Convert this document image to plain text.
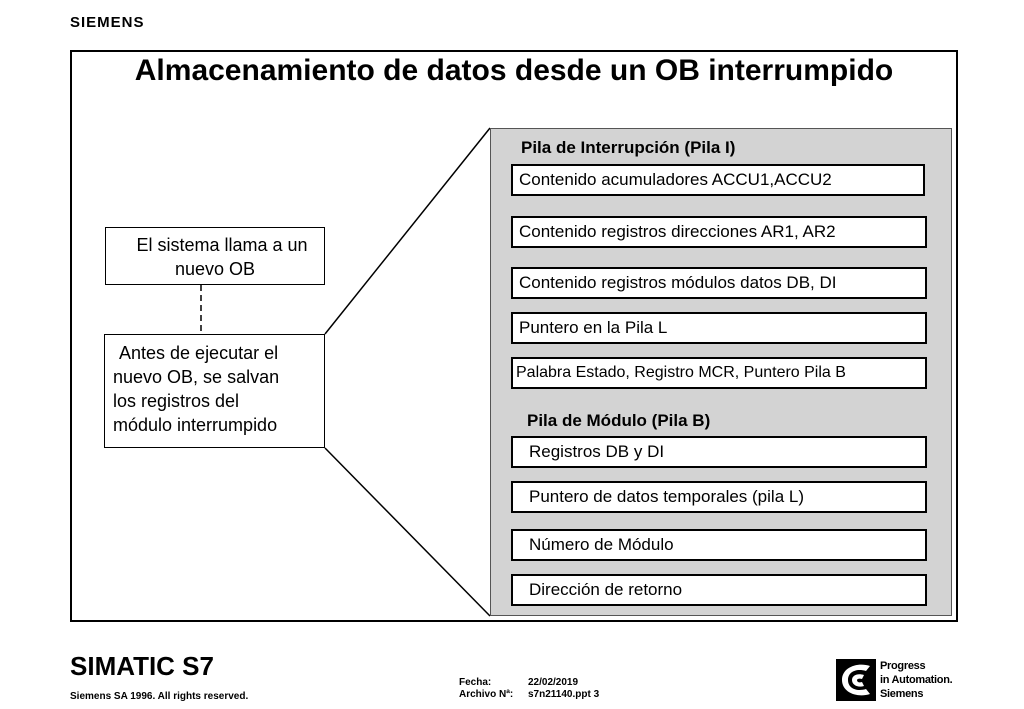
SIEMENS
Almacenamiento de datos desde un OB interrumpido
El sistema llama a un
nuevo OB
Antes de ejecutar el
nuevo OB, se salvan
los registros del
módulo interrumpido
Pila de Interrupción (Pila I)
Contenido acumuladores ACCU1,ACCU2
Contenido registros direcciones AR1, AR2
Contenido registros módulos datos DB, DI
Puntero en la Pila L
Palabra Estado, Registro MCR, Puntero Pila B
Pila de Módulo (Pila B)
Registros DB y DI
Puntero de datos temporales (pila L)
Número de Módulo
Dirección de retorno
SIMATIC S7
Siemens SA 1996. All rights reserved.
Fecha:	22/02/2019
Archivo Nª: s7n21140.ppt 3
Progress
in Automation.
Siemens
